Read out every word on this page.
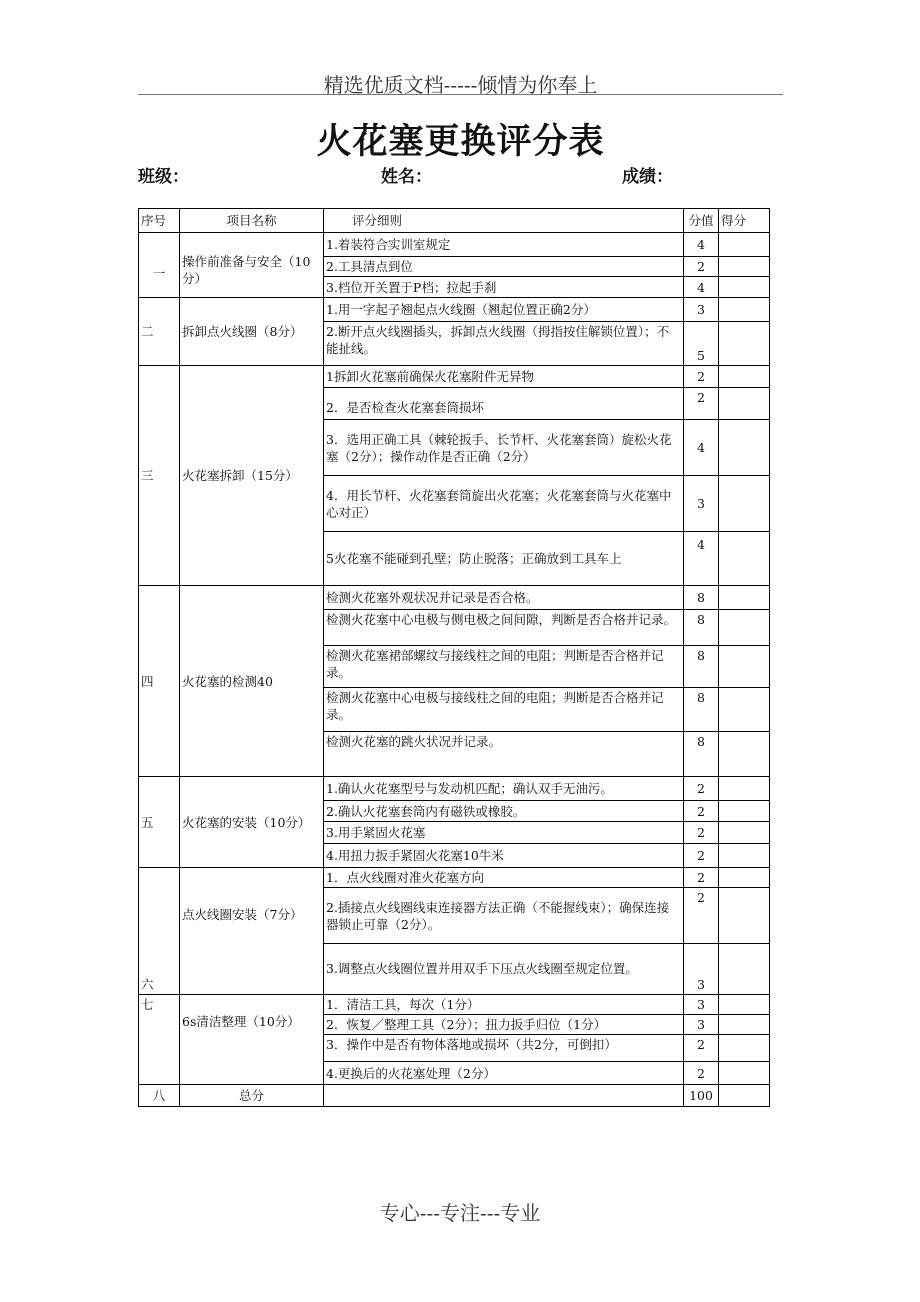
精选优质文档-----倾情为你奉上
火花塞更换评分表
班级：	姓名：	成绩：
序号	项目名称	评分细则	分值	得分
一	操作前准备与安全（10分）	1.着装符合实训室规定	4	
		2.工具清点到位	2	
		3.档位开关置于P档；拉起手刹	4	
二	拆卸点火线圈（8分）	1.用一字起子翘起点火线圈（翘起位置正确2分）	3	
		2.断开点火线圈插头，拆卸点火线圈（拇指按住解锁位置）；不能扯线。	5	
三	火花塞拆卸（15分）	1拆卸火花塞前确保火花塞附件无异物	2	
		2．是否检查火花塞套筒损坏	2	
		3．选用正确工具（棘轮扳手、长节杆、火花塞套筒）旋松火花塞（2分）；操作动作是否正确（2分）	4	
		4．用长节杆、火花塞套筒旋出火花塞；火花塞套筒与火花塞中心对正）	3	
		5火花塞不能碰到孔壁；防止脱落；正确放到工具车上	4	
四	火花塞的检测40	检测火花塞外观状况并记录是否合格。	8	
		检测火花塞中心电极与侧电极之间间隙，判断是否合格并记录。	8	
		检测火花塞裙部螺纹与接线柱之间的电阻；判断是否合格并记录。	8	
		检测火花塞中心电极与接线柱之间的电阻；判断是否合格并记录。	8	
		检测火花塞的跳火状况并记录。	8	
五	火花塞的安装（10分）	1.确认火花塞型号与发动机匹配；确认双手无油污。	2	
		2.确认火花塞套筒内有磁铁或橡胶。	2	
		3.用手紧固火花塞	2	
		4.用扭力扳手紧固火花塞10牛米	2	
六	点火线圈安装（7分）	1．点火线圈对准火花塞方向	2	
		2.插接点火线圈线束连接器方法正确（不能握线束）；确保连接器锁止可靠（2分）。	2	
		3.调整点火线圈位置并用双手下压点火线圈至规定位置。	3	
七	6s清洁整理（10分）	1．清洁工具，每次（1分）	3	
		2．恢复／整理工具（2分）；扭力扳手归位（1分）	3	
		3．操作中是否有物体落地或损坏（共2分，可倒扣）	2	
		4.更换后的火花塞处理（2分）	2	
八	总分		100	
专心---专注---专业
